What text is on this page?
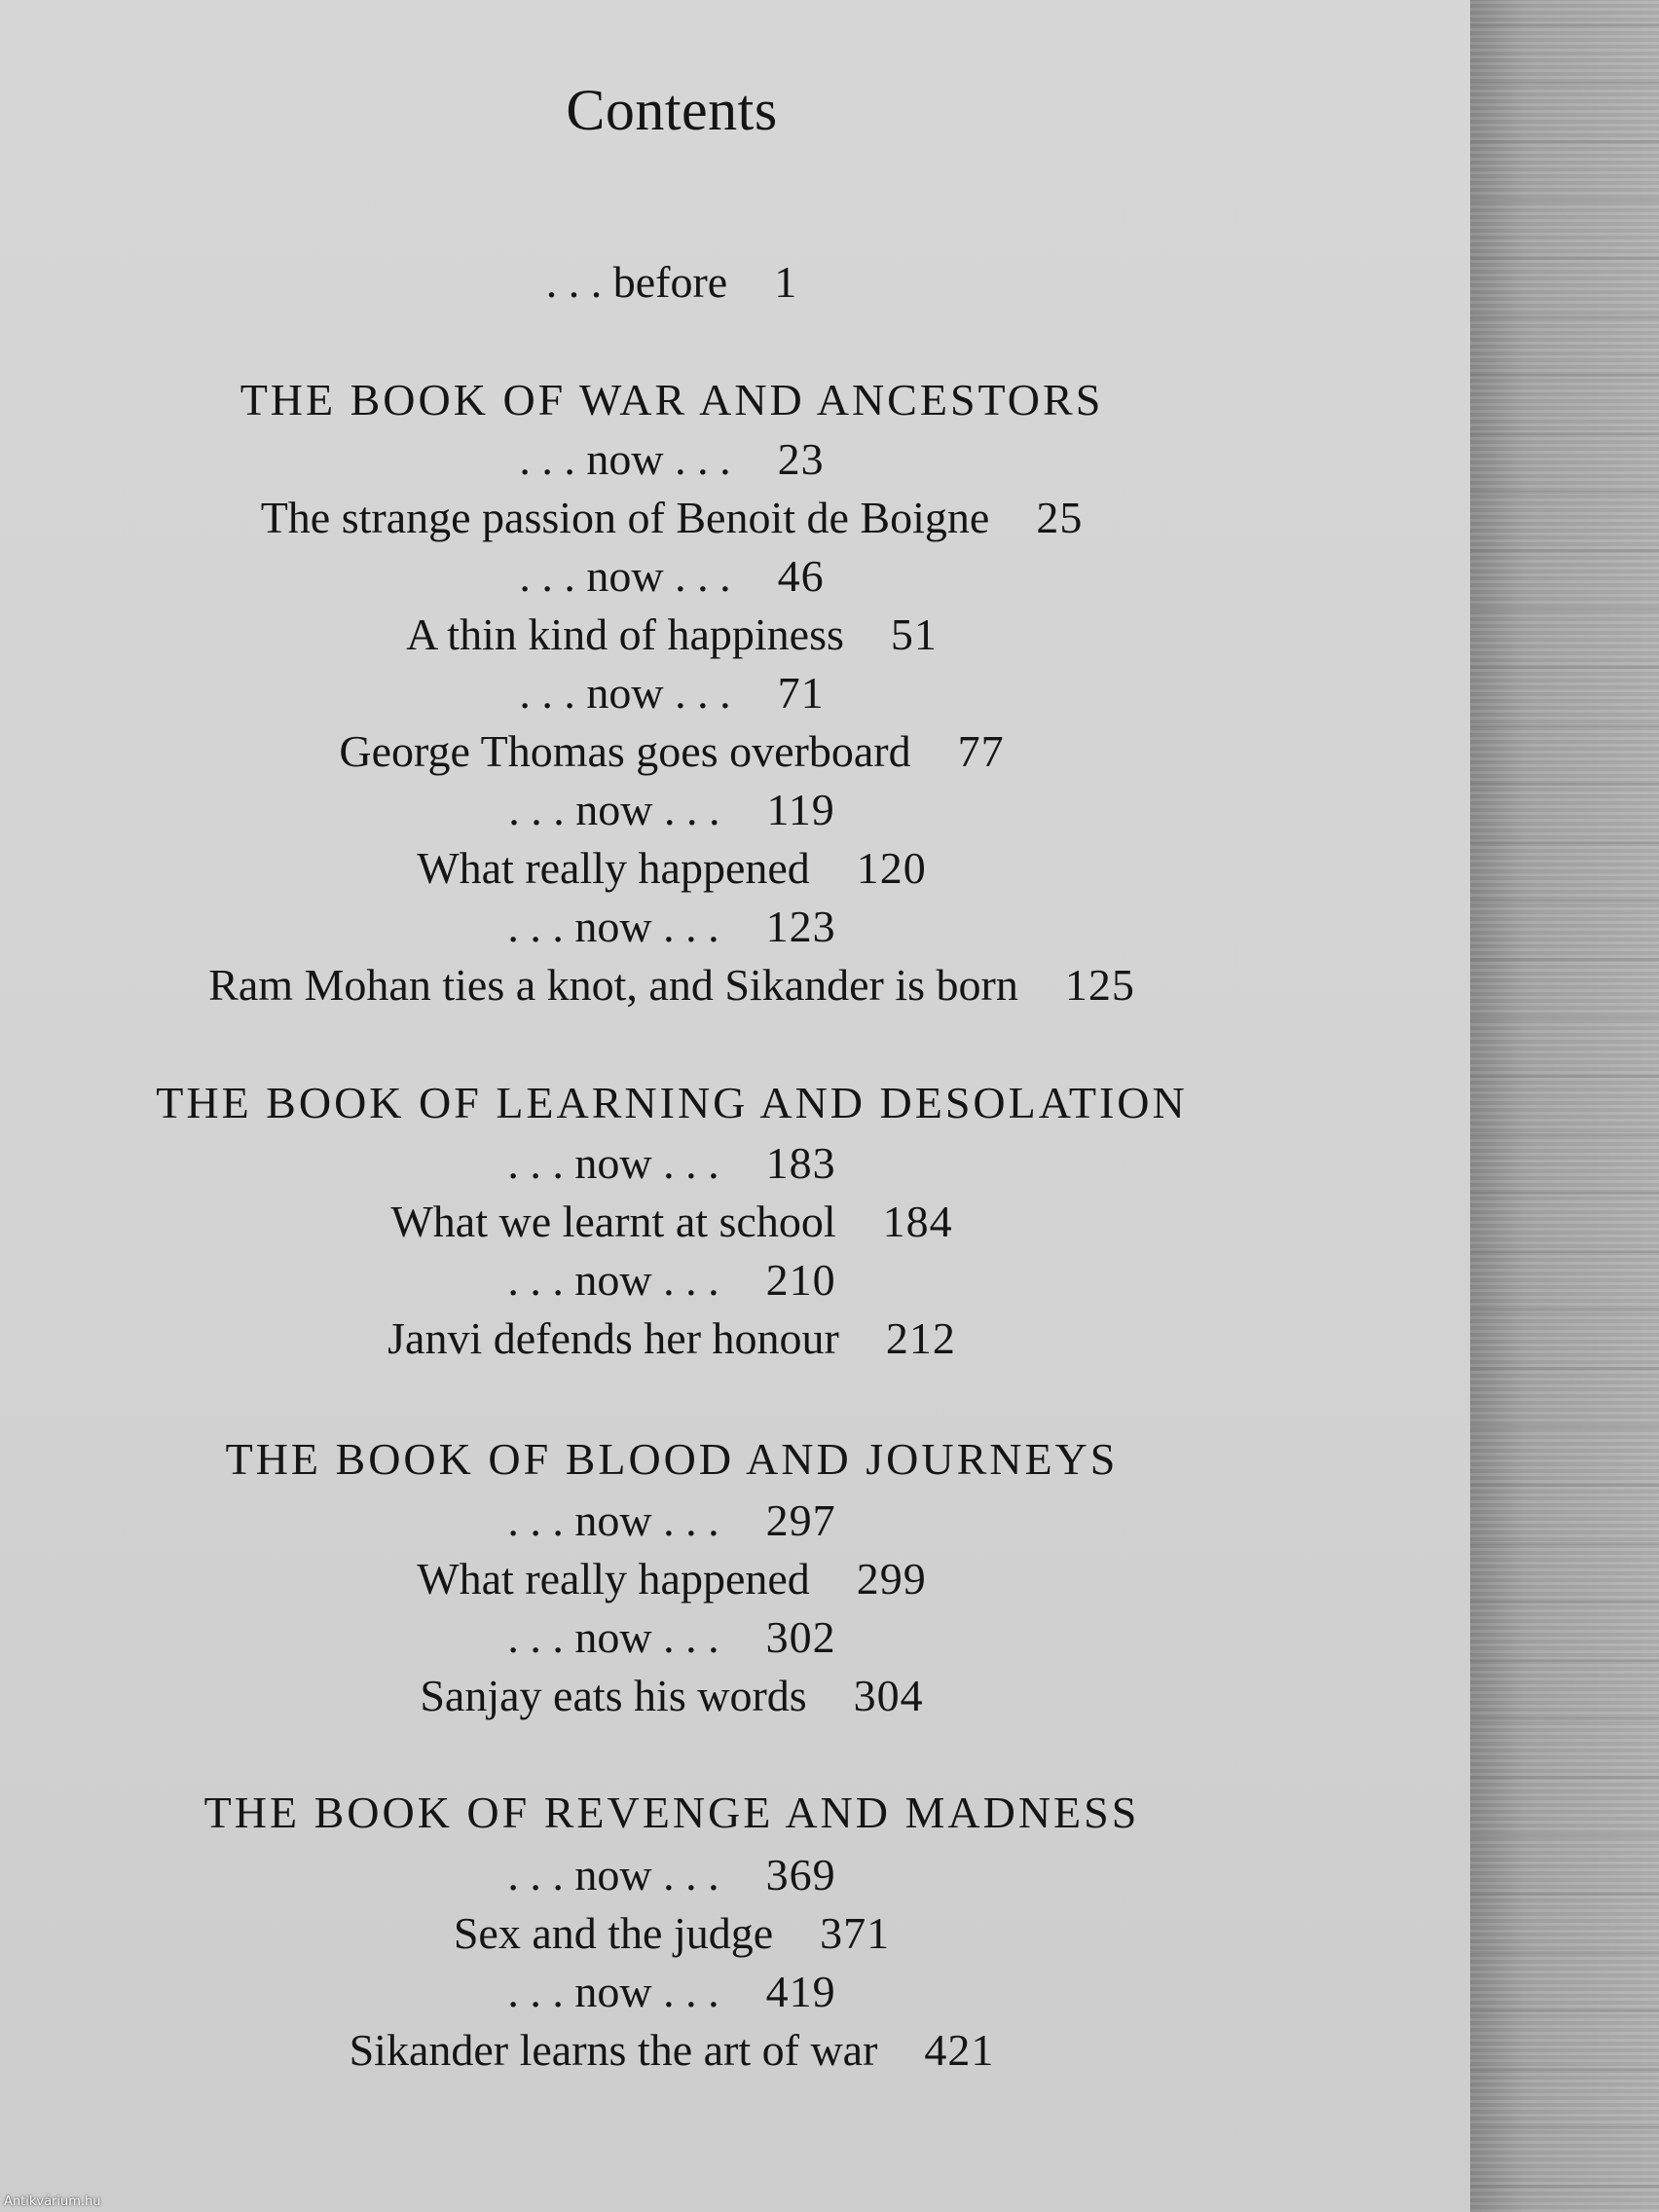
Contents
. . . before 1
THE BOOK OF WAR AND ANCESTORS
. . . now . . . 23
The strange passion of Benoit de Boigne 25
. . . now . . . 46
A thin kind of happiness 51
. . . now . . . 71
George Thomas goes overboard 77
. . . now . . . 119
What really happened 120
. . . now . . . 123
Ram Mohan ties a knot, and Sikander is born 125
THE BOOK OF LEARNING AND DESOLATION
. . . now . . . 183
What we learnt at school 184
. . . now . . . 210
Janvi defends her honour 212
THE BOOK OF BLOOD AND JOURNEYS
. . . now . . . 297
What really happened 299
. . . now . . . 302
Sanjay eats his words 304
THE BOOK OF REVENGE AND MADNESS
. . . now . . . 369
Sex and the judge 371
. . . now . . . 419
Sikander learns the art of war 421
Antikvárium.hu
